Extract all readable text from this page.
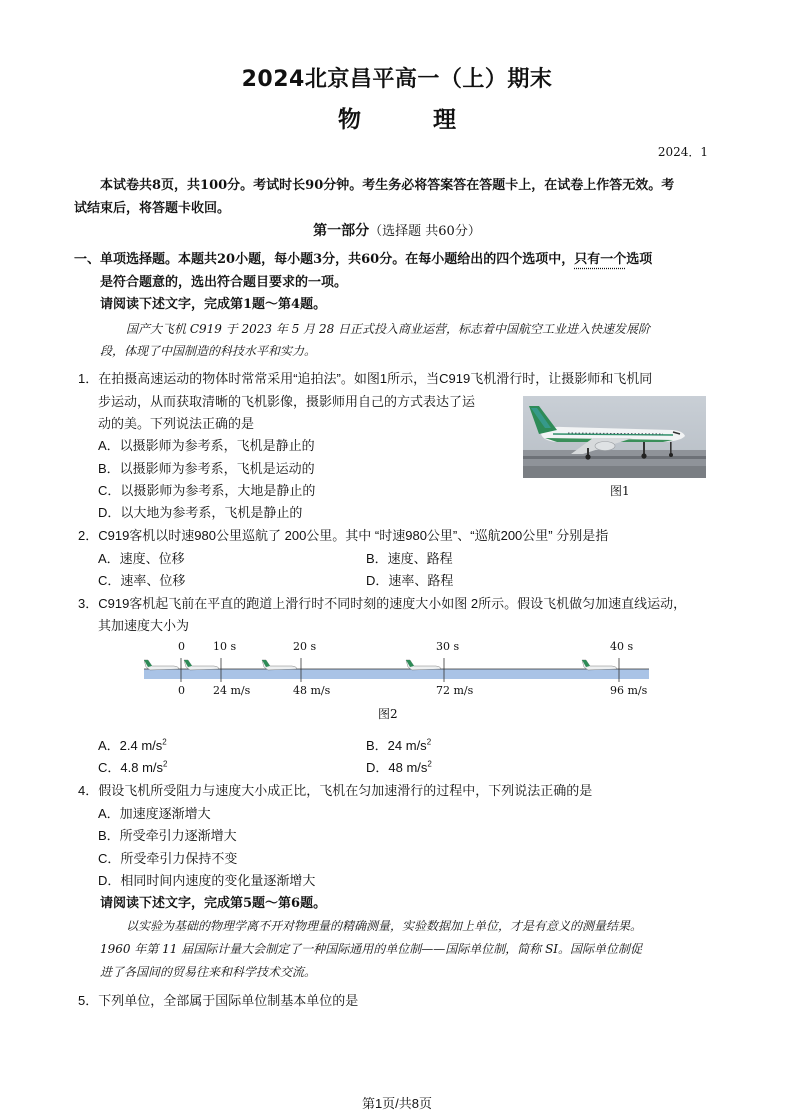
2024北京昌平高一（上）期末
物 理
2024．1
本试卷共8页，共100分。考试时长90分钟。考生务必将答案答在答题卡上，在试卷上作答无效。考
试结束后，将答题卡收回。
第一部分（选择题 共60分）
一、单项选择题。本题共20小题，每小题3分，共60分。在每小题给出的四个选项中，只有一个选项
是符合题意的，选出符合题目要求的一项。
请阅读下述文字，完成第1题～第4题。
国产大飞机 C919 于 2023 年 5 月 28 日正式投入商业运营，标志着中国航空工业进入快速发展阶
段，体现了中国制造的科技水平和实力。
1．在拍摄高速运动的物体时常常采用“追拍法”。如图1所示，当C919飞机滑行时，让摄影师和飞机同
步运动，从而获取清晰的飞机影像，摄影师用自己的方式表达了运
动的美。下列说法正确的是
A．以摄影师为参考系，飞机是静止的
B．以摄影师为参考系，飞机是运动的
C．以摄影师为参考系，大地是静止的
D．以大地为参考系，飞机是静止的
图1
2．C919客机以时速980公里巡航了 200公里。其中 “时速980公里”、“巡航200公里” 分别是指
A．速度、位移	B．速度、路程
C．速率、位移	D．速率、路程
3．C919客机起飞前在平直的跑道上滑行时不同时刻的速度大小如图 2所示。假设飞机做匀加速直线运动，
其加速度大小为
0	10 s	20 s	30 s	40 s
0	24 m/s	48 m/s	72 m/s	96 m/s
图2
A．2.4 $m/s^2$	B．24 $m/s^2$
C．4.8 $m/s^2$	D．48 $m/s^2$
4．假设飞机所受阻力与速度大小成正比，飞机在匀加速滑行的过程中，下列说法正确的是
A．加速度逐渐增大
B．所受牵引力逐渐增大
C．所受牵引力保持不变
D．相同时间内速度的变化量逐渐增大
请阅读下述文字，完成第5题～第6题。
以实验为基础的物理学离不开对物理量的精确测量，实验数据加上单位，才是有意义的测量结果。
1960 年第 11 届国际计量大会制定了一种国际通用的单位制——国际单位制，简称 SI。国际单位制促
进了各国间的贸易往来和科学技术交流。
5．下列单位，全部属于国际单位制基本单位的是
第1页/共8页
